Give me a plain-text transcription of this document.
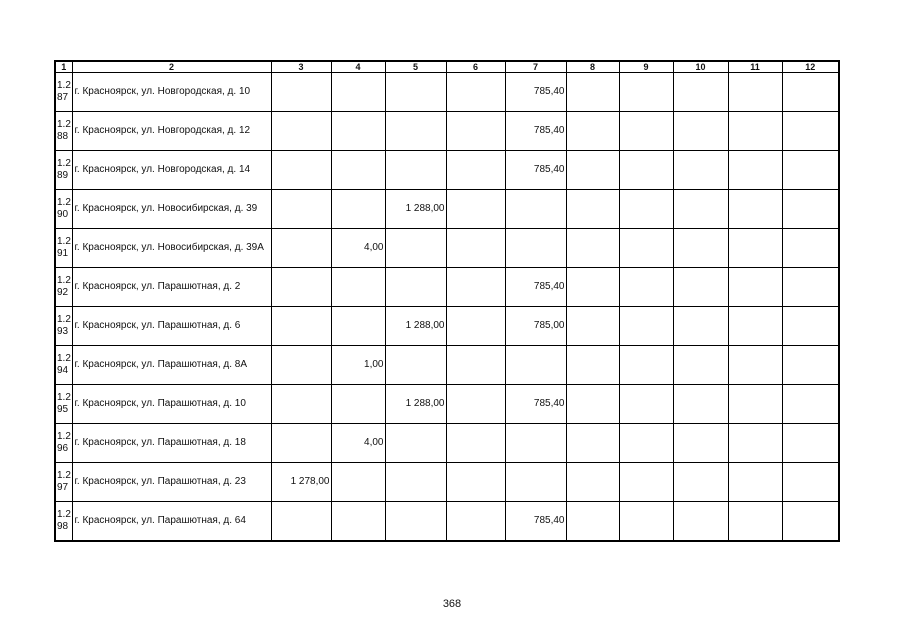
1	2	3	4	5	6	7	8	9	10	11	12
1.2 87	г. Красноярск, ул. Новгородская, д. 10					785,40					
1.2 88	г. Красноярск, ул. Новгородская, д. 12					785,40					
1.2 89	г. Красноярск, ул. Новгородская, д. 14					785,40					
1.2 90	г. Красноярск, ул. Новосибирская, д. 39			1 288,00							
1.2 91	г. Красноярск, ул. Новосибирская, д. 39А		4,00								
1.2 92	г. Красноярск, ул. Парашютная, д. 2					785,40					
1.2 93	г. Красноярск, ул. Парашютная, д. 6			1 288,00		785,00					
1.2 94	г. Красноярск, ул. Парашютная, д. 8А		1,00								
1.2 95	г. Красноярск, ул. Парашютная, д. 10			1 288,00		785,40					
1.2 96	г. Красноярск, ул. Парашютная, д. 18		4,00								
1.2 97	г. Красноярск, ул. Парашютная, д. 23	1 278,00									
1.2 98	г. Красноярск, ул. Парашютная, д. 64					785,40					
368
